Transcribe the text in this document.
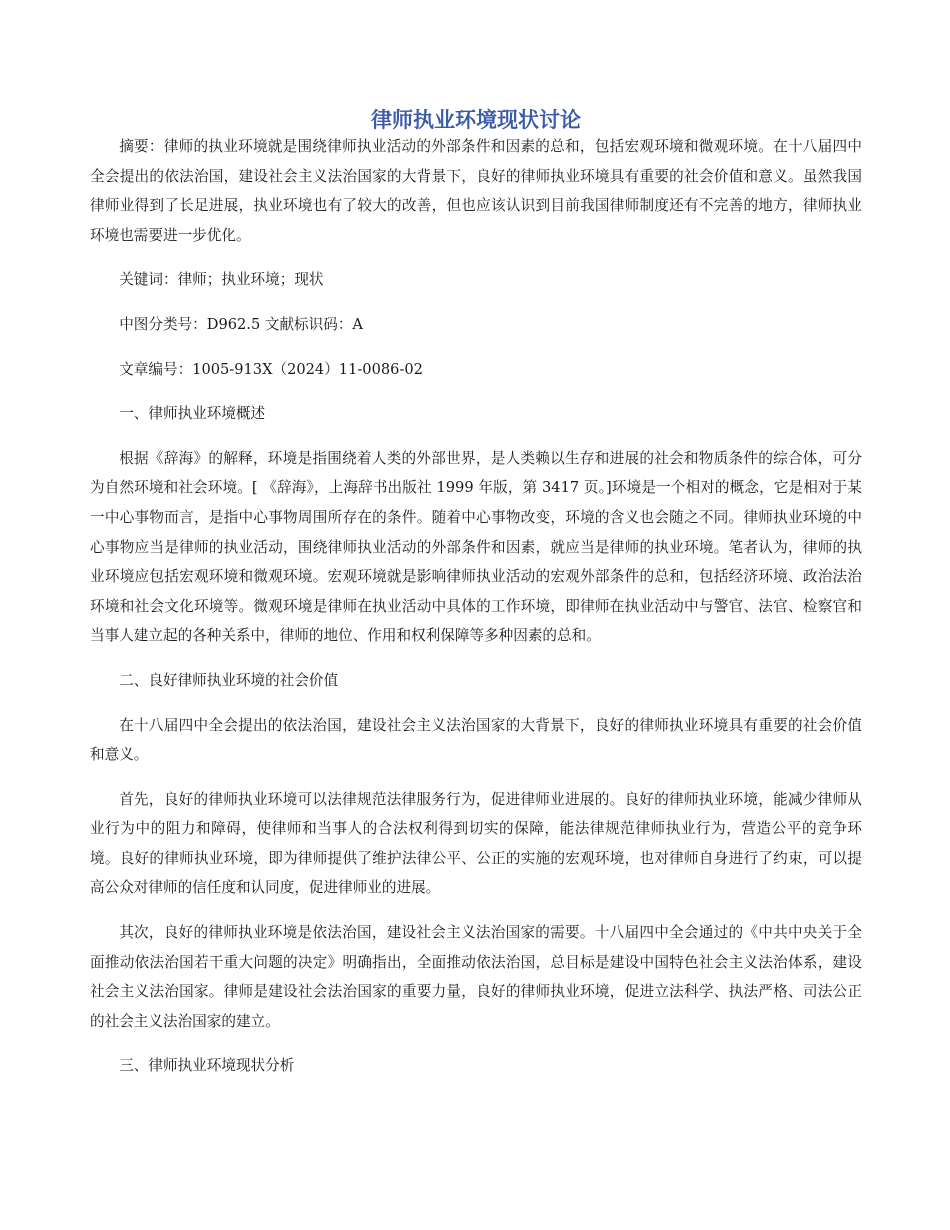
律师执业环境现状讨论

摘要：律师的执业环境就是围绕律师执业活动的外部条件和因素的总和，包括宏观环境和微观环境。在十八届四中全会提出的依法治国，建设社会主义法治国家的大背景下，良好的律师执业环境具有重要的社会价值和意义。虽然我国律师业得到了长足进展，执业环境也有了较大的改善，但也应该认识到目前我国律师制度还有不完善的地方，律师执业环境也需要进一步优化。

关键词：律师；执业环境；现状

中图分类号：D962.5 文献标识码：A

文章编号：1005-913X（2024）11-0086-02

一、律师执业环境概述

根据《辞海》的解释，环境是指围绕着人类的外部世界，是人类赖以生存和进展的社会和物质条件的综合体，可分为自然环境和社会环境。[ 《辞海》，上海辞书出版社 1999 年版，第 3417 页。]环境是一个相对的概念，它是相对于某一中心事物而言，是指中心事物周围所存在的条件。随着中心事物改变，环境的含义也会随之不同。律师执业环境的中心事物应当是律师的执业活动，围绕律师执业活动的外部条件和因素，就应当是律师的执业环境。笔者认为，律师的执业环境应包括宏观环境和微观环境。宏观环境就是影响律师执业活动的宏观外部条件的总和，包括经济环境、政治法治环境和社会文化环境等。微观环境是律师在执业活动中具体的工作环境，即律师在执业活动中与警官、法官、检察官和当事人建立起的各种关系中，律师的地位、作用和权利保障等多种因素的总和。

二、良好律师执业环境的社会价值

在十八届四中全会提出的依法治国，建设社会主义法治国家的大背景下，良好的律师执业环境具有重要的社会价值和意义。

首先，良好的律师执业环境可以法律规范法律服务行为，促进律师业进展的。良好的律师执业环境，能减少律师从业行为中的阻力和障碍，使律师和当事人的合法权利得到切实的保障，能法律规范律师执业行为，营造公平的竞争环境。良好的律师执业环境，即为律师提供了维护法律公平、公正的实施的宏观环境，也对律师自身进行了约束，可以提高公众对律师的信任度和认同度，促进律师业的进展。

其次，良好的律师执业环境是依法治国，建设社会主义法治国家的需要。十八届四中全会通过的《中共中央关于全面推动依法治国若干重大问题的决定》明确指出，全面推动依法治国，总目标是建设中国特色社会主义法治体系，建设社会主义法治国家。律师是建设社会法治国家的重要力量，良好的律师执业环境，促进立法科学、执法严格、司法公正的社会主义法治国家的建立。

三、律师执业环境现状分析
